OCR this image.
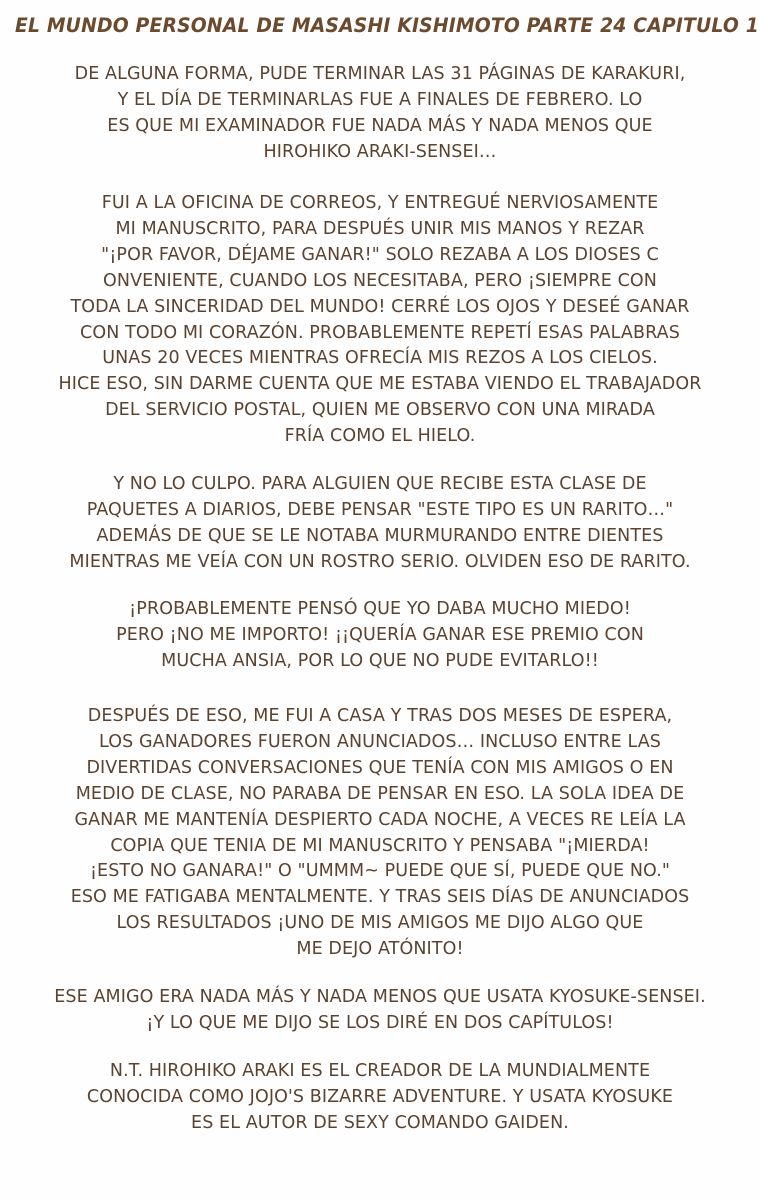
EL MUNDO PERSONAL DE MASASHI KISHIMOTO PARTE 24 CAPITULO 1
DE ALGUNA FORMA, PUDE TERMINAR LAS 31 PÁGINAS DE KARAKURI,
Y EL DÍA DE TERMINARLAS FUE A FINALES DE FEBRERO. LO
ES QUE MI EXAMINADOR FUE NADA MÁS Y NADA MENOS QUE
HIROHIKO ARAKI-SENSEI…
FUI A LA OFICINA DE CORREOS, Y ENTREGUÉ NERVIOSAMENTE
MI MANUSCRITO, PARA DESPUÉS UNIR MIS MANOS Y REZAR
"¡POR FAVOR, DÉJAME GANAR!" SOLO REZABA A LOS DIOSES C
ONVENIENTE, CUANDO LOS NECESITABA, PERO ¡SIEMPRE CON
TODA LA SINCERIDAD DEL MUNDO! CERRÉ LOS OJOS Y DESEÉ GANAR
CON TODO MI CORAZÓN. PROBABLEMENTE REPETÍ ESAS PALABRAS
UNAS 20 VECES MIENTRAS OFRECÍA MIS REZOS A LOS CIELOS.
HICE ESO, SIN DARME CUENTA QUE ME ESTABA VIENDO EL TRABAJADOR
DEL SERVICIO POSTAL, QUIEN ME OBSERVO CON UNA MIRADA
FRÍA COMO EL HIELO.
Y NO LO CULPO. PARA ALGUIEN QUE RECIBE ESTA CLASE DE
PAQUETES A DIARIOS, DEBE PENSAR "ESTE TIPO ES UN RARITO…"
ADEMÁS DE QUE SE LE NOTABA MURMURANDO ENTRE DIENTES
MIENTRAS ME VEÍA CON UN ROSTRO SERIO. OLVIDEN ESO DE RARITO.
¡PROBABLEMENTE PENSÓ QUE YO DABA MUCHO MIEDO!
PERO ¡NO ME IMPORTO! ¡¡QUERÍA GANAR ESE PREMIO CON
MUCHA ANSIA, POR LO QUE NO PUDE EVITARLO!!
DESPUÉS DE ESO, ME FUI A CASA Y TRAS DOS MESES DE ESPERA,
LOS GANADORES FUERON ANUNCIADOS… INCLUSO ENTRE LAS
DIVERTIDAS CONVERSACIONES QUE TENÍA CON MIS AMIGOS O EN
MEDIO DE CLASE, NO PARABA DE PENSAR EN ESO. LA SOLA IDEA DE
GANAR ME MANTENÍA DESPIERTO CADA NOCHE, A VECES RE LEÍA LA
COPIA QUE TENIA DE MI MANUSCRITO Y PENSABA "¡MIERDA!
¡ESTO NO GANARA!" O "UMMM~ PUEDE QUE SÍ, PUEDE QUE NO."
ESO ME FATIGABA MENTALMENTE. Y TRAS SEIS DÍAS DE ANUNCIADOS
LOS RESULTADOS ¡UNO DE MIS AMIGOS ME DIJO ALGO QUE
ME DEJO ATÓNITO!
ESE AMIGO ERA NADA MÁS Y NADA MENOS QUE USATA KYOSUKE-SENSEI.
¡Y LO QUE ME DIJO SE LOS DIRÉ EN DOS CAPÍTULOS!
N.T. HIROHIKO ARAKI ES EL CREADOR DE LA MUNDIALMENTE
CONOCIDA COMO JOJO'S BIZARRE ADVENTURE. Y USATA KYOSUKE
ES EL AUTOR DE SEXY COMANDO GAIDEN.
